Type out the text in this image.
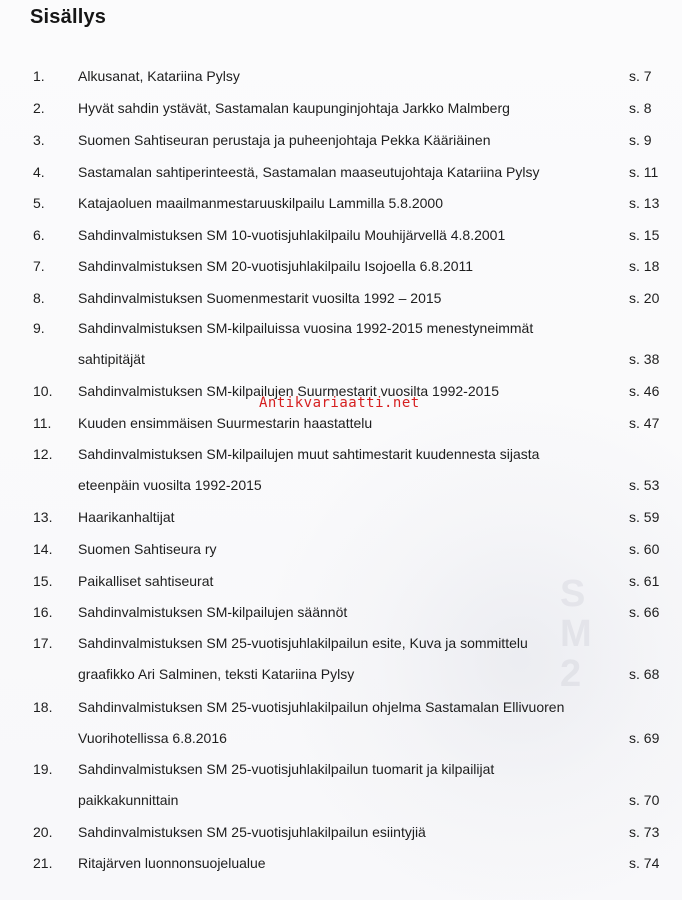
S
M
2
Sisällys
1. Alkusanat, Katariina Pylsy	s. 7
2. Hyvät sahdin ystävät, Sastamalan kaupunginjohtaja Jarkko Malmberg	s. 8
3. Suomen Sahtiseuran perustaja ja puheenjohtaja Pekka Kääriäinen	s. 9
4. Sastamalan sahtiperinteestä, Sastamalan maaseutujohtaja Katariina Pylsy	s. 11
5. Katajaoluen maailmanmestaruuskilpailu Lammilla 5.8.2000	s. 13
6. Sahdinvalmistuksen SM 10-vuotisjuhlakilpailu Mouhijärvellä 4.8.2001	s. 15
7. Sahdinvalmistuksen SM 20-vuotisjuhlakilpailu Isojoella 6.8.2011	s. 18
8. Sahdinvalmistuksen Suomenmestarit vuosilta 1992 – 2015	s. 20
9. Sahdinvalmistuksen SM-kilpailuissa vuosina 1992-2015 menestyneimmät
sahtipitäjät	s. 38
10. Sahdinvalmistuksen SM-kilpailujen Suurmestarit vuosilta 1992-2015	s. 46
11. Kuuden ensimmäisen Suurmestarin haastattelu	s. 47
12. Sahdinvalmistuksen SM-kilpailujen muut sahtimestarit kuudennesta sijasta
eteenpäin vuosilta 1992-2015	s. 53
13. Haarikanhaltijat	s. 59
14. Suomen Sahtiseura ry	s. 60
15. Paikalliset sahtiseurat	s. 61
16. Sahdinvalmistuksen SM-kilpailujen säännöt	s. 66
17. Sahdinvalmistuksen SM 25-vuotisjuhlakilpailun esite, Kuva ja sommittelu
graafikko Ari Salminen, teksti Katariina Pylsy	s. 68
18. Sahdinvalmistuksen SM 25-vuotisjuhlakilpailun ohjelma Sastamalan Ellivuoren
Vuorihotellissa 6.8.2016	s. 69
19. Sahdinvalmistuksen SM 25-vuotisjuhlakilpailun tuomarit ja kilpailijat
paikkakunnittain	s. 70
20. Sahdinvalmistuksen SM 25-vuotisjuhlakilpailun esiintyjiä	s. 73
21. Ritajärven luonnonsuojelualue	s. 74
Antikvariaatti.net
